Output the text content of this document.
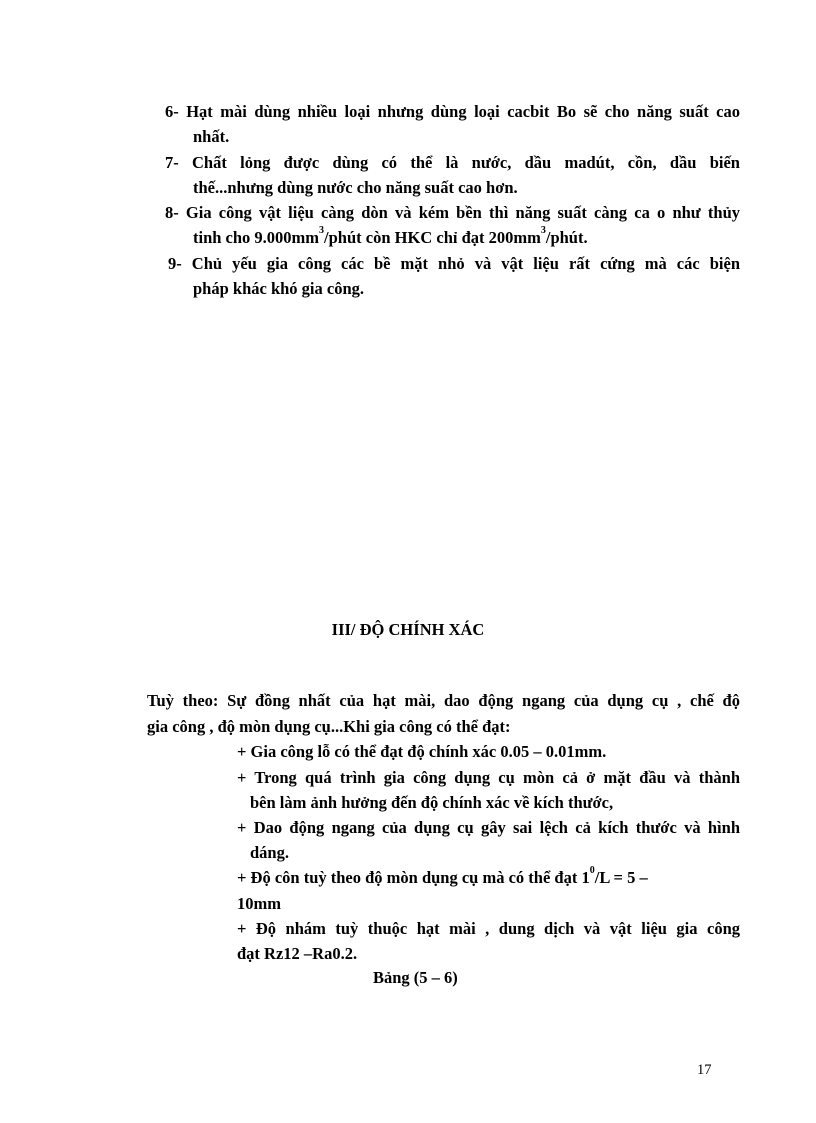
6- Hạt mài dùng nhiều loại nhưng dùng loại cacbit Bo sẽ cho năng suất cao
nhất.
7- Chất lỏng được dùng có thể là nước, dầu madút, cồn, dầu biến
thế...nhưng dùng nước cho năng suất cao hơn.
8- Gia công vật liệu càng dòn và kém bền thì năng suất càng ca o như thủy
tinh cho $9.000mm^3$/phút còn HKC chỉ đạt $200mm^3$/phút.
9- Chủ yếu gia công các bề mặt nhỏ và vật liệu rất cứng mà các biện
pháp khác khó gia công.
III/ ĐỘ CHÍNH XÁC
Tuỳ theo: Sự đồng nhất của hạt mài, dao động ngang của dụng cụ , chế độ
gia công , độ mòn dụng cụ...Khi gia công có thể đạt:
+ Gia công lỗ có thể đạt độ chính xác 0.05 – 0.01mm.
+ Trong quá trình gia công dụng cụ mòn cả ở mặt đầu và thành
bên làm ảnh hưởng đến độ chính xác về kích thước,
+ Dao động ngang của dụng cụ gây sai lệch cả kích thước và hình
dáng.
+ Độ côn tuỳ theo độ mòn dụng cụ mà có thể đạt $1^0/L = 5$ –
10mm
+ Độ nhám tuỳ thuộc hạt mài , dung dịch và vật liệu gia công
đạt Rz12 –Ra0.2.
Bảng (5 – 6)
17
